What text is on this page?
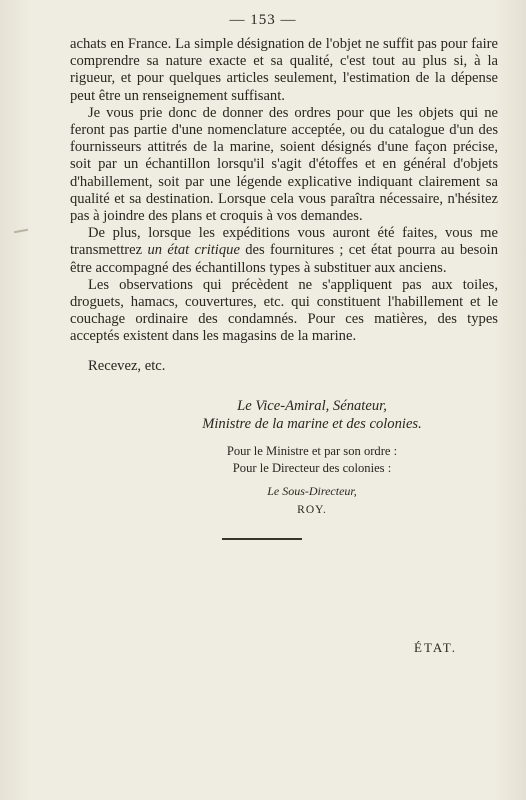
— 153 —

achats en France. La simple désignation de l'objet ne suffit pas pour faire comprendre sa nature exacte et sa qualité, c'est tout au plus si, à la rigueur, et pour quelques articles seulement, l'estimation de la dépense peut être un renseignement suffisant.

Je vous prie donc de donner des ordres pour que les objets qui ne feront pas partie d'une nomenclature acceptée, ou du catalogue d'un des fournisseurs attitrés de la marine, soient désignés d'une façon précise, soit par un échantillon lorsqu'il s'agit d'étoffes et en général d'objets d'habillement, soit par une légende explicative indiquant clairement sa qualité et sa destination. Lorsque cela vous paraîtra nécessaire, n'hésitez pas à joindre des plans et croquis à vos demandes.

De plus, lorsque les expéditions vous auront été faites, vous me transmettrez un état critique des fournitures ; cet état pourra au besoin être accompagné des échantillons types à substituer aux anciens.

Les observations qui précèdent ne s'appliquent pas aux toiles, droguets, hamacs, couvertures, etc. qui constituent l'habillement et le couchage ordinaire des condamnés. Pour ces matières, des types acceptés existent dans les magasins de la marine.

Recevez, etc.

Le Vice-Amiral, Sénateur,
Ministre de la marine et des colonies.
Pour le Ministre et par son ordre :
Pour le Directeur des colonies :
Le Sous-Directeur,
ROY.
ÉTAT.
